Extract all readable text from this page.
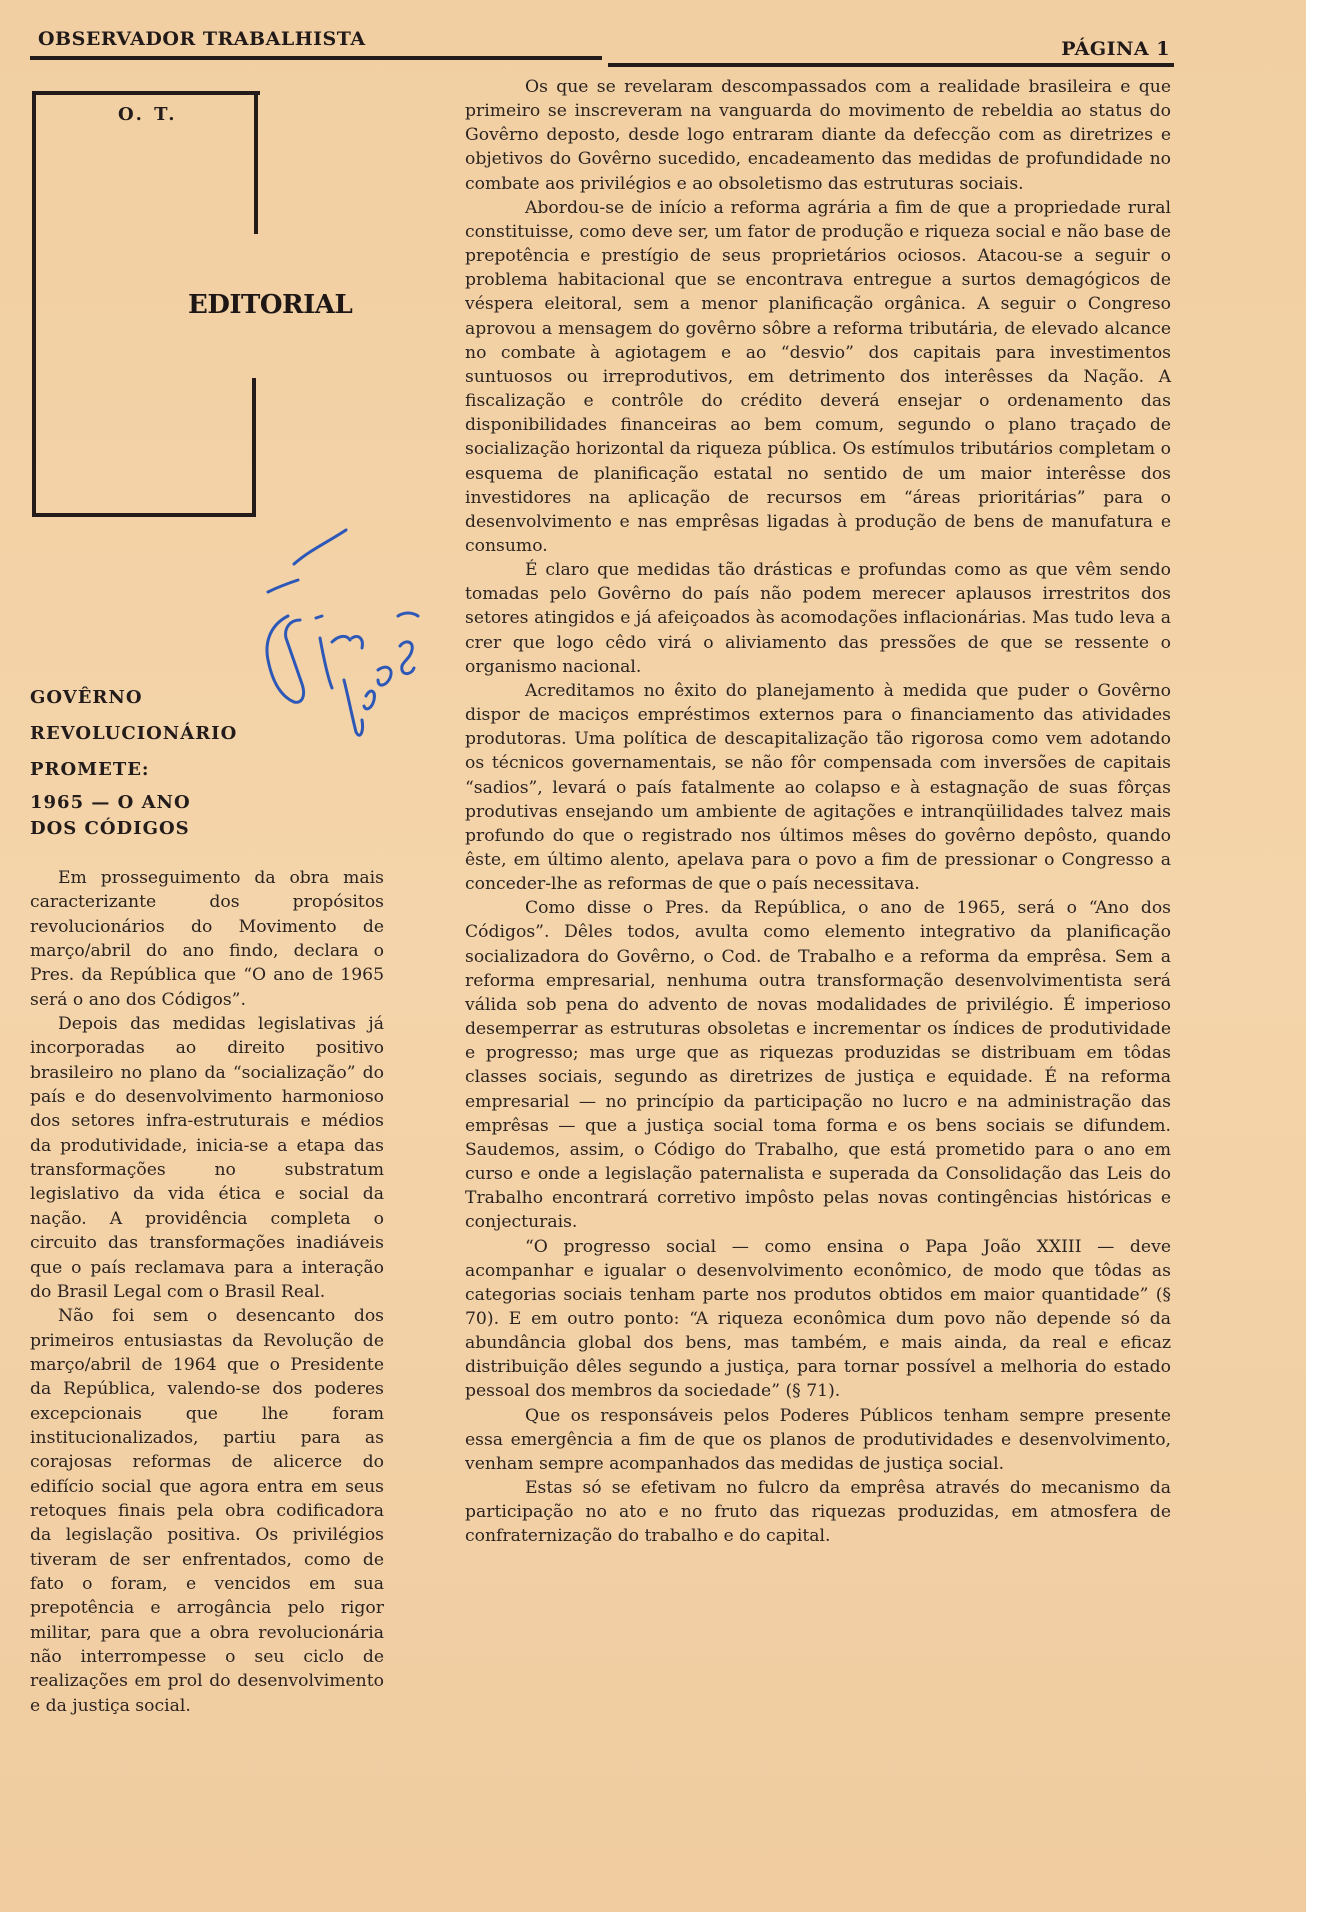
OBSERVADOR TRABALHISTA	PÁGINA 1
O. T.
EDITORIAL
GOVÊRNO
REVOLUCIONÁRIO
PROMETE:
1965 — O ANO
DOS CÓDIGOS

Em prosseguimento da obra mais caracterizante dos propósitos revolucionários do Movimento de março/abril do ano findo, declara o Pres. da República que “O ano de 1965 será o ano dos Códigos”.

Depois das medidas legislativas já incorporadas ao direito positivo brasileiro no plano da “socialização” do país e do desenvolvimento harmonioso dos setores infra-estruturais e médios da produtividade, inicia-se a etapa das transformações no substratum legislativo da vida ética e social da nação. A providência completa o circuito das transformações inadiáveis que o país reclamava para a interação do Brasil Legal com o Brasil Real.

Não foi sem o desencanto dos primeiros entusiastas da Revolução de março/abril de 1964 que o Presidente da República, valendo-se dos poderes excepcionais que lhe foram institucionalizados, partiu para as corajosas reformas de alicerce do edifício social que agora entra em seus retoques finais pela obra codificadora da legislação positiva. Os privilégios tiveram de ser enfrentados, como de fato o foram, e vencidos em sua prepotência e arrogância pelo rigor militar, para que a obra revolucionária não interrompesse o seu ciclo de realizações em prol do desenvolvimento e da justiça social.

Os que se revelaram descompassados com a realidade brasileira e que primeiro se inscreveram na vanguarda do movimento de rebeldia ao status do Govêrno deposto, desde logo entraram diante da defecção com as diretrizes e objetivos do Govêrno sucedido, encadeamento das medidas de profundidade no combate aos privilégios e ao obsoletismo das estruturas sociais.

Abordou-se de início a reforma agrária a fim de que a propriedade rural constituisse, como deve ser, um fator de produção e riqueza social e não base de prepotência e prestígio de seus proprietários ociosos. Atacou-se a seguir o problema habitacional que se encontrava entregue a surtos demagógicos de véspera eleitoral, sem a menor planificação orgânica. A seguir o Congreso aprovou a mensagem do govêrno sôbre a reforma tributária, de elevado alcance no combate à agiotagem e ao “desvio” dos capitais para investimentos suntuosos ou irreprodutivos, em detrimento dos interêsses da Nação. A fiscalização e contrôle do crédito deverá ensejar o ordenamento das disponibilidades financeiras ao bem comum, segundo o plano traçado de socialização horizontal da riqueza pública. Os estímulos tributários completam o esquema de planificação estatal no sentido de um maior interêsse dos investidores na aplicação de recursos em “áreas prioritárias” para o desenvolvimento e nas emprêsas ligadas à produção de bens de manufatura e consumo.

É claro que medidas tão drásticas e profundas como as que vêm sendo tomadas pelo Govêrno do país não podem merecer aplausos irrestritos dos setores atingidos e já afeiçoados às acomodações inflacionárias. Mas tudo leva a crer que logo cêdo virá o aliviamento das pressões de que se ressente o organismo nacional.

Acreditamos no êxito do planejamento à medida que puder o Govêrno dispor de maciços empréstimos externos para o financiamento das atividades produtoras. Uma política de descapitalização tão rigorosa como vem adotando os técnicos governamentais, se não fôr compensada com inversões de capitais “sadios”, levará o país fatalmente ao colapso e à estagnação de suas fôrças produtivas ensejando um ambiente de agitações e intranqüilidades talvez mais profundo do que o registrado nos últimos mêses do govêrno depôsto, quando êste, em último alento, apelava para o povo a fim de pressionar o Congresso a conceder-lhe as reformas de que o país necessitava.

Como disse o Pres. da República, o ano de 1965, será o “Ano dos Códigos”. Dêles todos, avulta como elemento integrativo da planificação socializadora do Govêrno, o Cod. de Trabalho e a reforma da emprêsa. Sem a reforma empresarial, nenhuma outra transformação desenvolvimentista será válida sob pena do advento de novas modalidades de privilégio. É imperioso desemperrar as estruturas obsoletas e incrementar os índices de produtividade e progresso; mas urge que as riquezas produzidas se distribuam em tôdas classes sociais, segundo as diretrizes de justiça e equidade. É na reforma empresarial — no princípio da participação no lucro e na administração das emprêsas — que a justiça social toma forma e os bens sociais se difundem. Saudemos, assim, o Código do Trabalho, que está prometido para o ano em curso e onde a legislação paternalista e superada da Consolidação das Leis do Trabalho encontrará corretivo impôsto pelas novas contingências históricas e conjecturais.

“O progresso social — como ensina o Papa João XXIII — deve acompanhar e igualar o desenvolvimento econômico, de modo que tôdas as categorias sociais tenham parte nos produtos obtidos em maior quantidade” (§ 70). E em outro ponto: “A riqueza econômica dum povo não depende só da abundância global dos bens, mas também, e mais ainda, da real e eficaz distribuição dêles segundo a justiça, para tornar possível a melhoria do estado pessoal dos membros da sociedade” (§ 71).

Que os responsáveis pelos Poderes Públicos tenham sempre presente essa emergência a fim de que os planos de produtividades e desenvolvimento, venham sempre acompanhados das medidas de justiça social.

Estas só se efetivam no fulcro da emprêsa através do mecanismo da participação no ato e no fruto das riquezas produzidas, em atmosfera de confraternização do trabalho e do capital.
